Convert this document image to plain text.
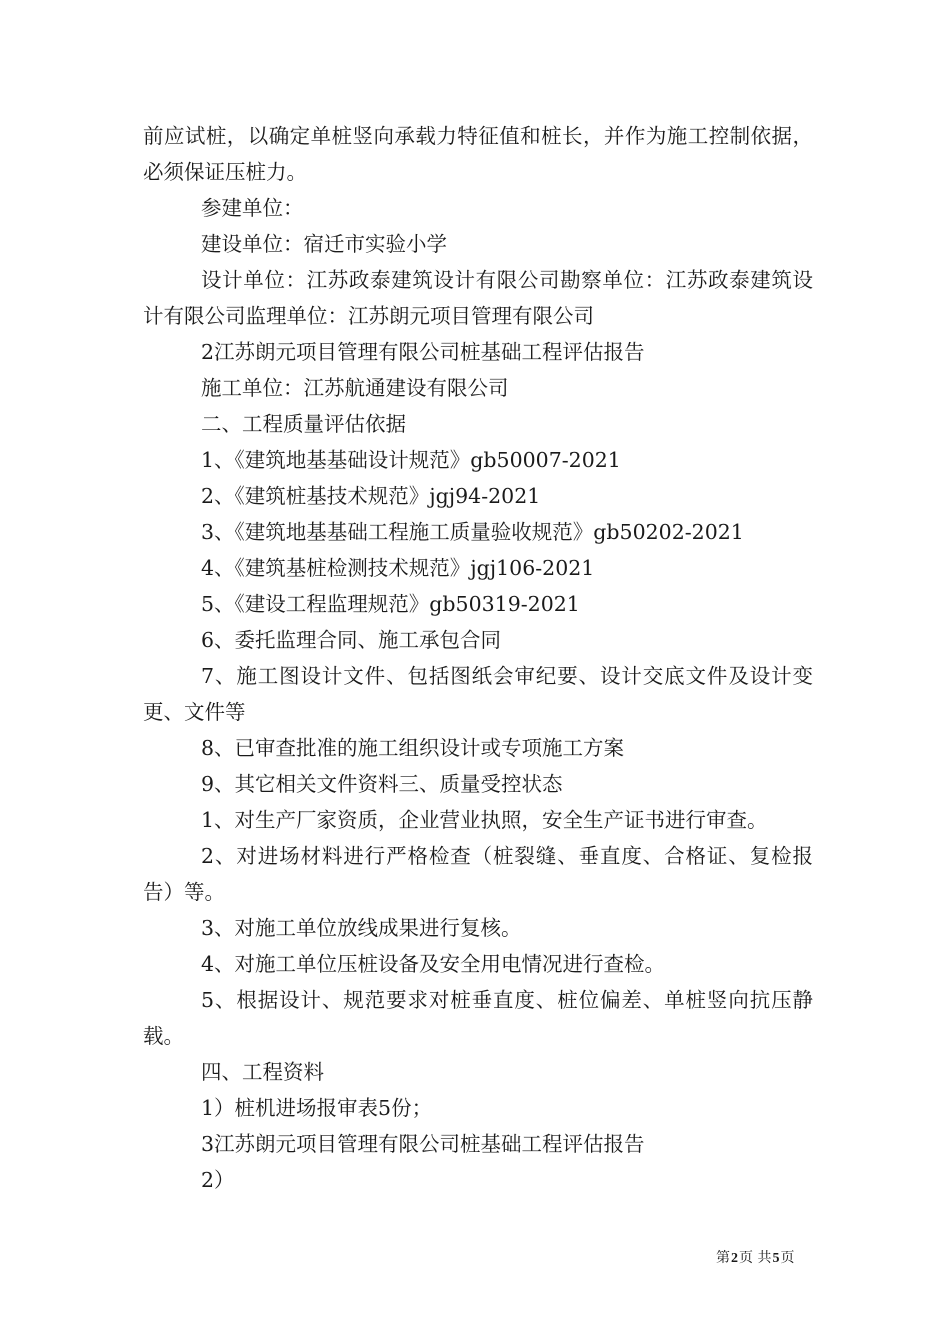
前应试桩，以确定单桩竖向承载力特征值和桩长，并作为施工控制依据，必须保证压桩力。

参建单位：

建设单位：宿迁市实验小学

设计单位：江苏政泰建筑设计有限公司勘察单位：江苏政泰建筑设计有限公司监理单位：江苏朗元项目管理有限公司

2江苏朗元项目管理有限公司桩基础工程评估报告

施工单位：江苏航通建设有限公司

二、工程质量评估依据

1、《建筑地基基础设计规范》gb50007-2021

2、《建筑桩基技术规范》jgj94-2021

3、《建筑地基基础工程施工质量验收规范》gb50202-2021

4、《建筑基桩检测技术规范》jgj106-2021

5、《建设工程监理规范》gb50319-2021

6、委托监理合同、施工承包合同

7、施工图设计文件、包括图纸会审纪要、设计交底文件及设计变更、文件等

8、已审查批准的施工组织设计或专项施工方案

9、其它相关文件资料三、质量受控状态

1、对生产厂家资质，企业营业执照，安全生产证书进行审查。

2、对进场材料进行严格检查（桩裂缝、垂直度、合格证、复检报告）等。

3、对施工单位放线成果进行复核。

4、对施工单位压桩设备及安全用电情况进行查检。

5、根据设计、规范要求对桩垂直度、桩位偏差、单桩竖向抗压静载。

四、工程资料

1）桩机进场报审表5份；

3江苏朗元项目管理有限公司桩基础工程评估报告

2）

第2页 共5页
